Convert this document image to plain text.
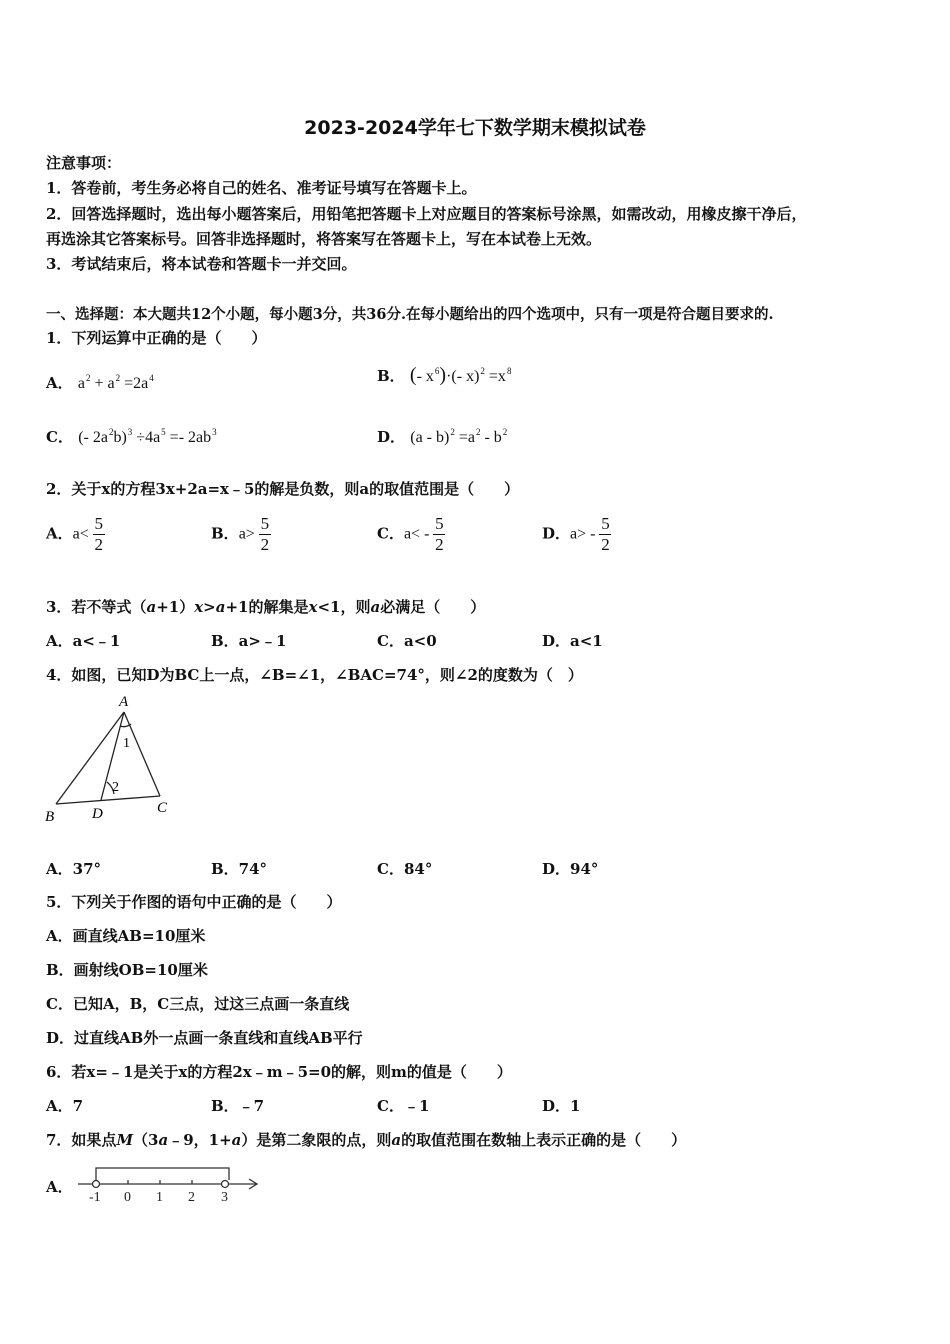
2023-2024学年七下数学期末模拟试卷
注意事项：
1．答卷前，考生务必将自己的姓名、准考证号填写在答题卡上。
2．回答选择题时，选出每小题答案后，用铅笔把答题卡上对应题目的答案标号涂黑，如需改动，用橡皮擦干净后，
再选涂其它答案标号。回答非选择题时，将答案写在答题卡上，写在本试卷上无效。
3．考试结束后，将本试卷和答题卡一并交回。
一、选择题：本大题共12个小题，每小题3分，共36分.在每小题给出的四个选项中，只有一项是符合题目要求的.
1．下列运算中正确的是（　　）
A． $a^2 + a^2 =2a^4$	B． (- $x^6)\cdot(-$ $x)^2 =x^8$
C． (- $2a^2b)^3 \div 4a^5 =- 2ab^3$	D． $(a - b)^2 =a^2 - b^2$
2．关于x的方程3x+2a=x﹣5的解是负数，则a的取值范围是（　　）
A．$a< \frac{5}{2}$	B．$a> \frac{5}{2}$	C．$a< - \frac{5}{2}$	D．$a> - \frac{5}{2}$
3．若不等式（a+1）x>a+1的解集是x<1，则a必满足（　　）
A．a<﹣1	B．a>﹣1	C．a<0	D．a<1
4．如图，已知D为BC上一点，∠B=∠1，∠BAC=74°，则∠2的度数为（　）
A
B
C
D
1
2
A．37°	B．74°	C．84°	D．94°
5．下列关于作图的语句中正确的是（　　）
A．画直线AB=10厘米
B．画射线OB=10厘米
C．已知A，B，C三点，过这三点画一条直线
D．过直线AB外一点画一条直线和直线AB平行
6．若x=﹣1是关于x的方程2x﹣m﹣5=0的解，则m的值是（　　）
A．7	B．﹣7	C．﹣1	D．1
7．如果点M（3a﹣9，1+a）是第二象限的点，则a的取值范围在数轴上表示正确的是（　　）
A．
-1 0 1 2 3
